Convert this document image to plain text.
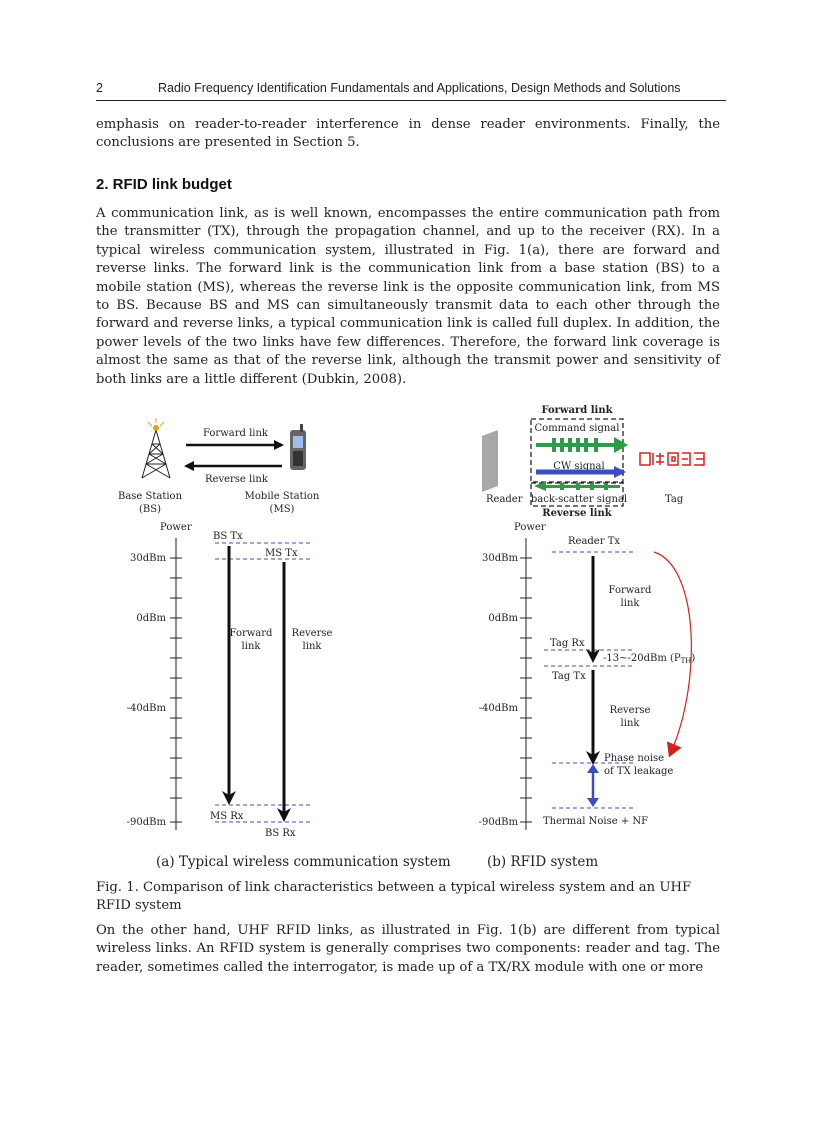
2	Radio Frequency Identification Fundamentals and Applications, Design Methods and Solutions

emphasis on reader-to-reader interference in dense reader environments. Finally, the conclusions are presented in Section 5.

2. RFID link budget

A communication link, as is well known, encompasses the entire communication path from the transmitter (TX), through the propagation channel, and up to the receiver (RX). In a typical wireless communication system, illustrated in Fig. 1(a), there are forward and reverse links. The forward link is the communication link from a base station (BS) to a mobile station (MS), whereas the reverse link is the opposite communication link, from MS to BS. Because BS and MS can simultaneously transmit data to each other through the forward and reverse links, a typical communication link is called full duplex. In addition, the power levels of the two links have few differences. Therefore, the forward link coverage is almost the same as that of the reverse link, although the transmit power and sensitivity of both links are a little different (Dubkin, 2008).

Forward link
Reverse link
Base Station
(BS)
Mobile Station
(MS)
Power
30dBm
0dBm
-40dBm
-90dBm
BS Tx
MS Tx
MS Rx
BS Rx
Forward
link
Reverse
link
Forward link
Command signal
CW signal
back-scatter signal
Reverse link
Reader	Tag
Power
30dBm
0dBm
-40dBm
-90dBm
Reader Tx
Tag Rx
Tag Tx
Thermal Noise + NF
Forward
link
-13~-20dBm $(P_{TH})$
Reverse
link
Phase noise
of TX leakage
(a) Typical wireless communication system	(b) RFID system

Fig. 1. Comparison of link characteristics between a typical wireless system and an UHF RFID system

On the other hand, UHF RFID links, as illustrated in Fig. 1(b) are different from typical wireless links. An RFID system is generally comprises two components: reader and tag. The reader, sometimes called the interrogator, is made up of a TX/RX module with one or more
